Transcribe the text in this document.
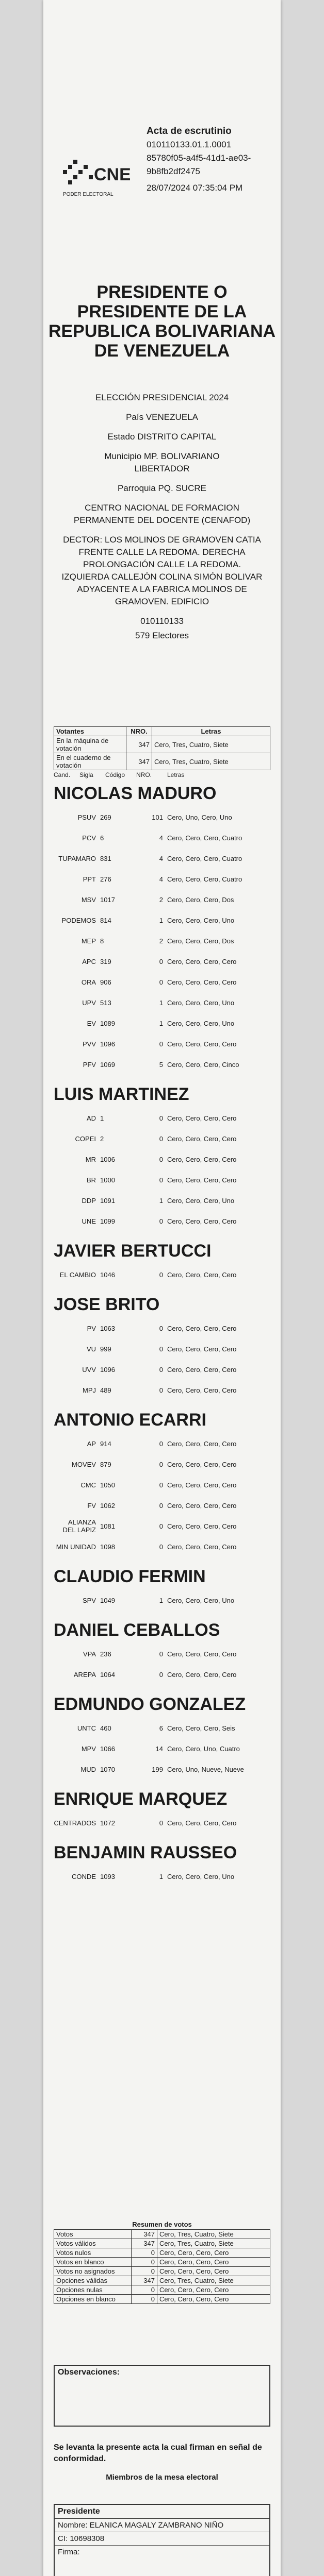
CNE
PODER ELECTORAL
Acta de escrutinio
010110133.01.1.0001
85780f05-a4f5-41d1-ae03-
9b8fb2df2475
28/07/2024 07:35:04 PM
PRESIDENTE O PRESIDENTE DE LA REPUBLICA BOLIVARIANA DE VENEZUELA
ELECCIÓN PRESIDENCIAL 2024
País VENEZUELA
Estado DISTRITO CAPITAL
Municipio MP. BOLIVARIANO LIBERTADOR
Parroquia PQ. SUCRE
CENTRO NACIONAL DE FORMACION PERMANENTE DEL DOCENTE (CENAFOD)
DECTOR: LOS MOLINOS DE GRAMOVEN CATIA FRENTE CALLE LA REDOMA. DERECHA PROLONGACIÓN CALLE LA REDOMA. IZQUIERDA CALLEJÓN COLINA SIMÓN BOLIVAR ADYACENTE A LA FABRICA MOLINOS DE GRAMOVEN. EDIFICIO
010110133
579 Electores
Votantes	NRO.	Letras
En la máquina de votación	347	Cero, Tres, Cuatro, Siete
En el cuaderno de votación	347	Cero, Tres, Cuatro, Siete
Cand.	Sigla	Código	NRO.	Letras
NICOLAS MADURO
PSUV 269	101 Cero, Uno, Cero, Uno
PCV 6	4 Cero, Cero, Cero, Cuatro
TUPAMARO 831	4 Cero, Cero, Cero, Cuatro
PPT 276	4 Cero, Cero, Cero, Cuatro
MSV 1017	2 Cero, Cero, Cero, Dos
PODEMOS 814	1 Cero, Cero, Cero, Uno
MEP 8	2 Cero, Cero, Cero, Dos
APC 319	0 Cero, Cero, Cero, Cero
ORA 906	0 Cero, Cero, Cero, Cero
UPV 513	1 Cero, Cero, Cero, Uno
EV 1089	1 Cero, Cero, Cero, Uno
PVV 1096	0 Cero, Cero, Cero, Cero
PFV 1069	5 Cero, Cero, Cero, Cinco
LUIS MARTINEZ
AD 1	0 Cero, Cero, Cero, Cero
COPEI 2	0 Cero, Cero, Cero, Cero
MR 1006	0 Cero, Cero, Cero, Cero
BR 1000	0 Cero, Cero, Cero, Cero
DDP 1091	1 Cero, Cero, Cero, Uno
UNE 1099	0 Cero, Cero, Cero, Cero
JAVIER BERTUCCI
EL CAMBIO 1046	0 Cero, Cero, Cero, Cero
JOSE BRITO
PV 1063	0 Cero, Cero, Cero, Cero
VU 999	0 Cero, Cero, Cero, Cero
UVV 1096	0 Cero, Cero, Cero, Cero
MPJ 489	0 Cero, Cero, Cero, Cero
ANTONIO ECARRI
AP 914	0 Cero, Cero, Cero, Cero
MOVEV 879	0 Cero, Cero, Cero, Cero
CMC 1050	0 Cero, Cero, Cero, Cero
FV 1062	0 Cero, Cero, Cero, Cero
ALIANZA DEL LAPIZ 1081	0 Cero, Cero, Cero, Cero
MIN UNIDAD 1098	0 Cero, Cero, Cero, Cero
CLAUDIO FERMIN
SPV 1049	1 Cero, Cero, Cero, Uno
DANIEL CEBALLOS
VPA 236	0 Cero, Cero, Cero, Cero
AREPA 1064	0 Cero, Cero, Cero, Cero
EDMUNDO GONZALEZ
UNTC 460	6 Cero, Cero, Cero, Seis
MPV 1066	14 Cero, Cero, Uno, Cuatro
MUD 1070	199 Cero, Uno, Nueve, Nueve
ENRIQUE MARQUEZ
CENTRADOS 1072	0 Cero, Cero, Cero, Cero
BENJAMIN RAUSSEO
CONDE 1093	1 Cero, Cero, Cero, Uno
Resumen de votos
Votos	347	Cero, Tres, Cuatro, Siete
Votos válidos	347	Cero, Tres, Cuatro, Siete
Votos nulos	0	Cero, Cero, Cero, Cero
Votos en blanco	0	Cero, Cero, Cero, Cero
Votos no asignados	0	Cero, Cero, Cero, Cero
Opciones válidas	347	Cero, Tres, Cuatro, Siete
Opciones nulas	0	Cero, Cero, Cero, Cero
Opciones en blanco	0	Cero, Cero, Cero, Cero
Observaciones:
Se levanta la presente acta la cual firman en señal de conformidad.
Miembros de la mesa electoral
Presidente
Nombre: ELANICA MAGALY ZAMBRANO NIÑO
CI: 10698308
Firma:
